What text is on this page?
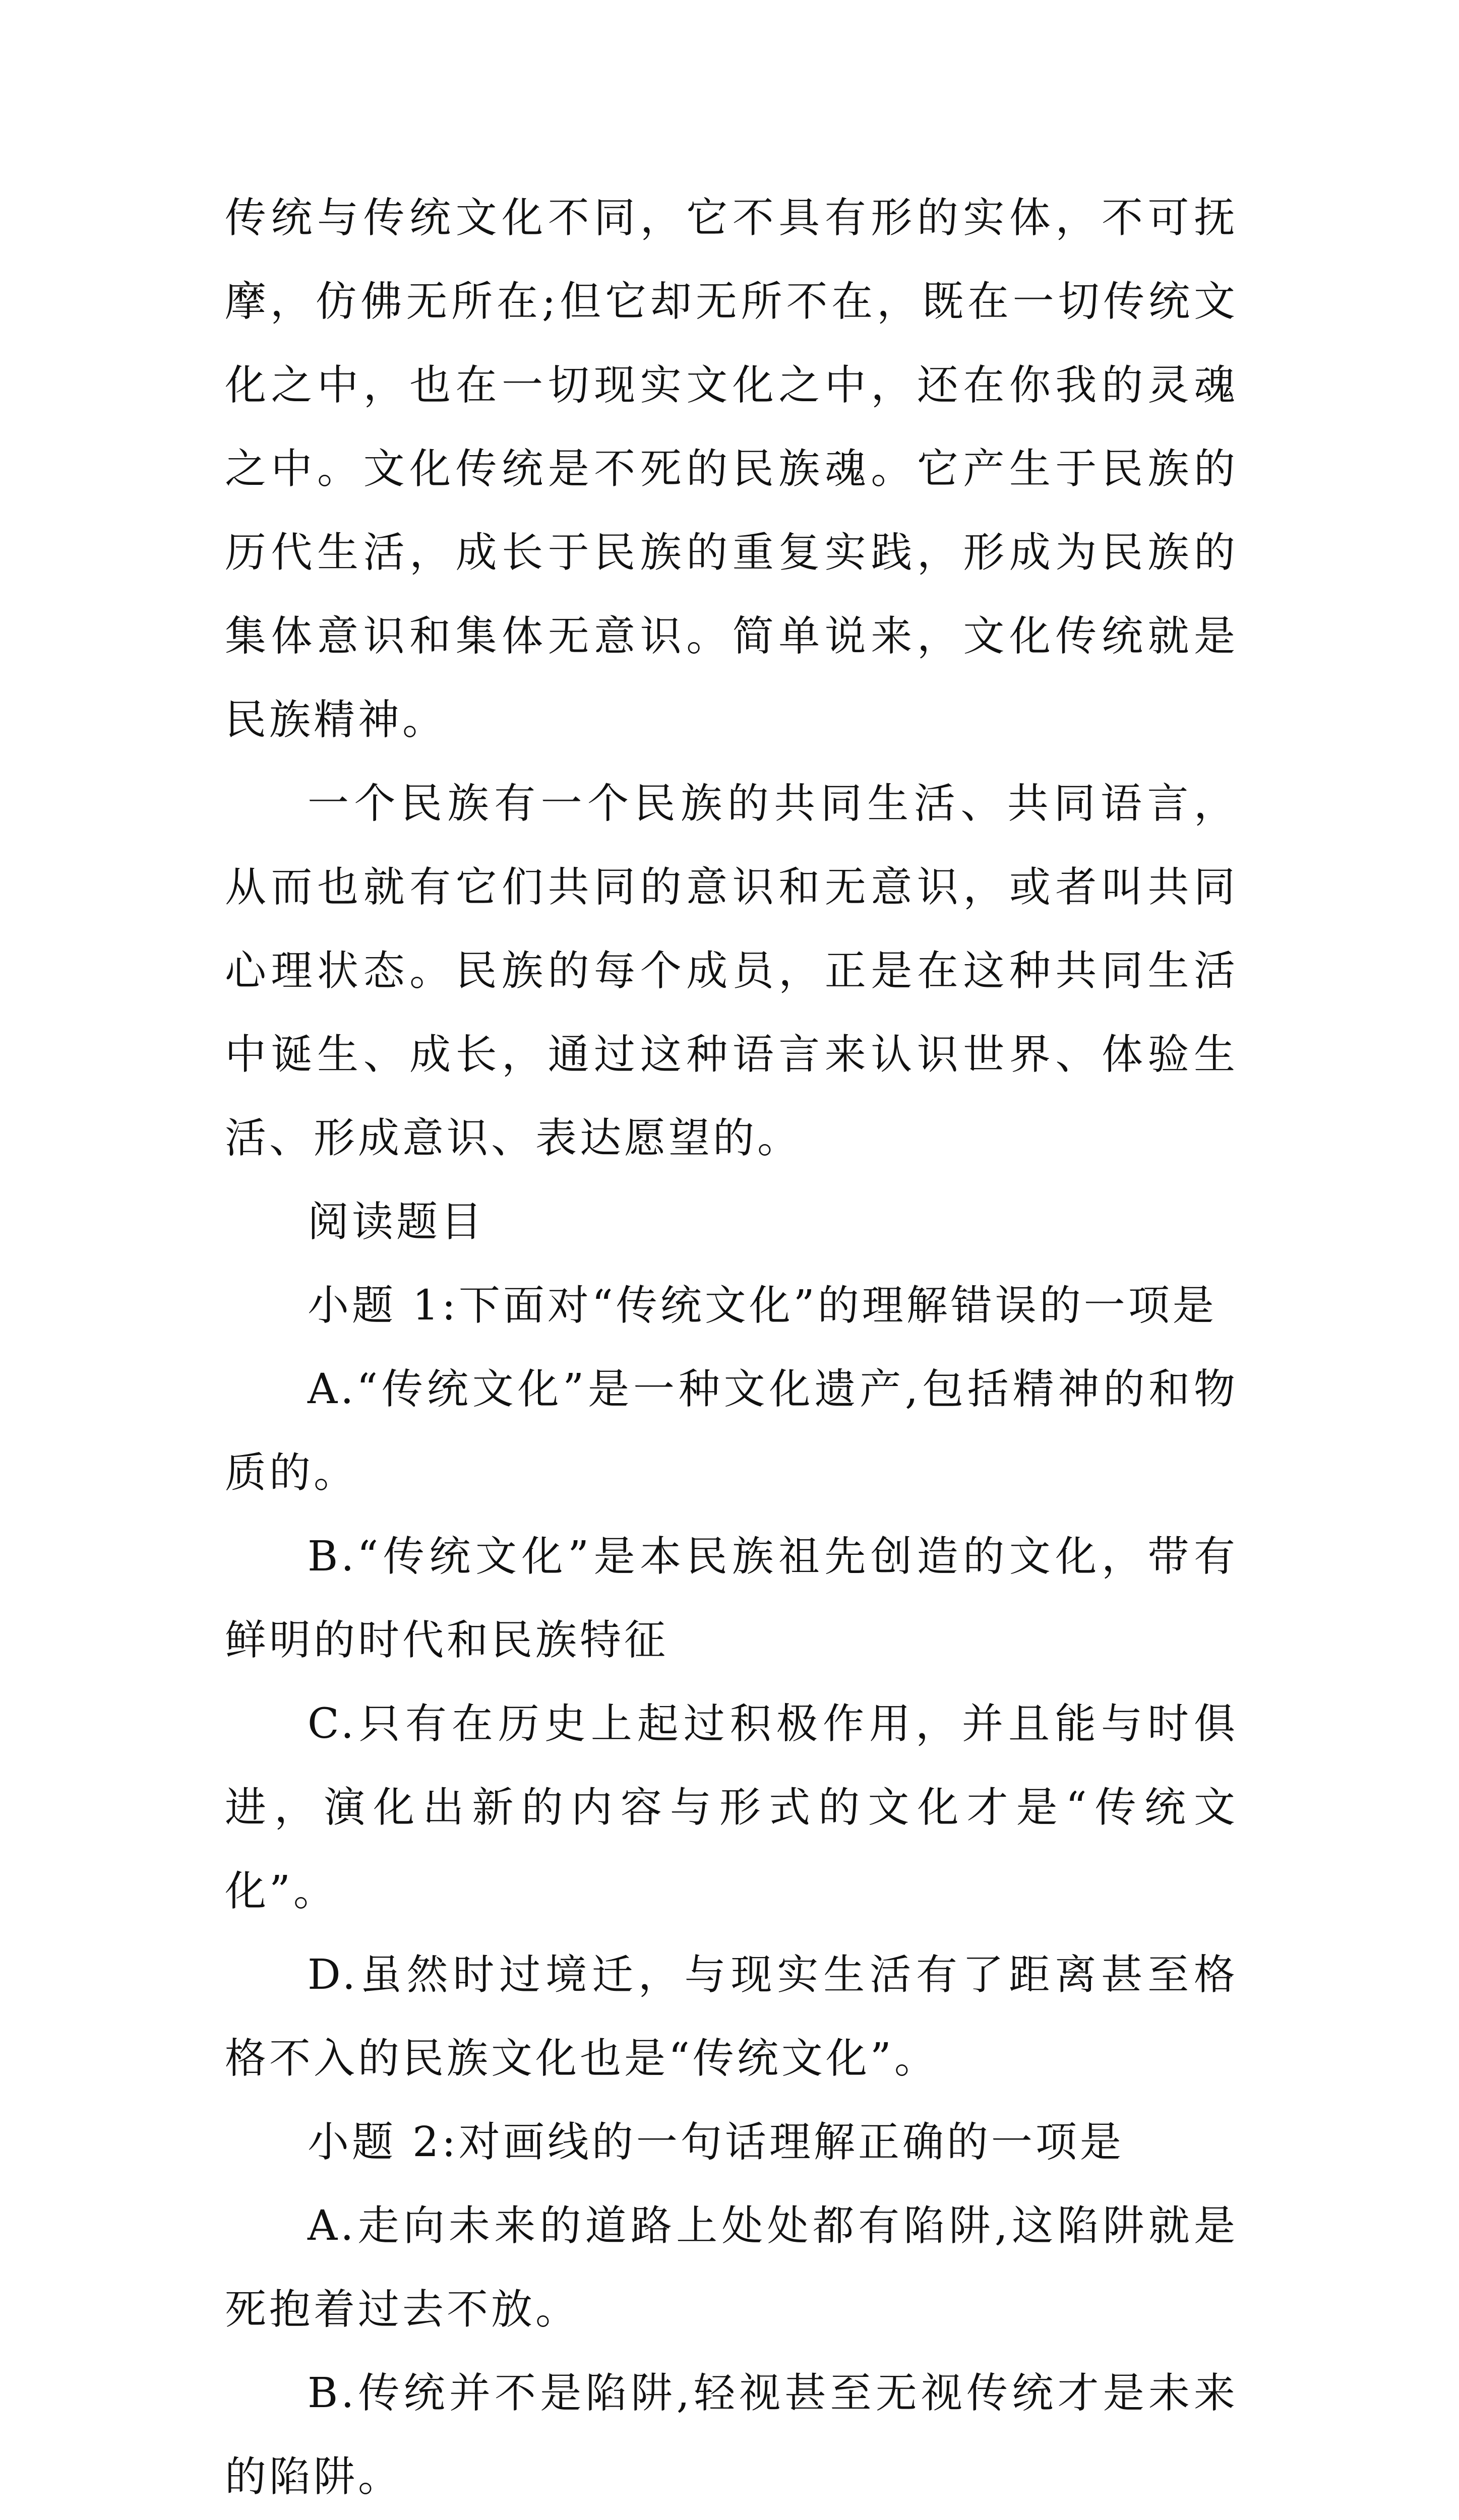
传统与传统文化不同，它不具有形的实体，不可抚摩，仿佛无所在;但它却无所不在，既在一切传统文化之中，也在一切现实文化之中，还在你我的灵魂之中。文化传统是不死的民族魂。它产生于民族的历代生活，成长于民族的重复实践，形成为民族的集体意识和集体无意识。简单说来，文化传统就是民族精神。

一个民族有一个民族的共同生活、共同语言，从而也就有它们共同的意识和无意识，或者叫共同心理状态。民族的每个成员，正是在这种共同生活中诞生、成长，通过这种语言来认识世界、体验生活、形成意识、表达愿望的。

阅读题目

小题 1:下面对“传统文化”的理解错误的一项是

A.“传统文化”是一种文化遗产,包括精神的和物质的。

B.“传统文化”是本民族祖先创造的文化，带有鲜明的时代和民族特征

C.只有在历史上起过积极作用，并且能与时俱进，演化出新的内容与形式的文化才是“传统文化”。

D.虽然时过境迁，与现实生活有了距离甚至格格不入的民族文化也是“传统文化”。

小题 2:对画线的一句话理解正确的一项是

A.走向未来的道路上处处都有陷阱,这陷阱就是死抱着过去不放。

B.传统并不是陷阱,轻视甚至无视传统才是未来的陷阱。
